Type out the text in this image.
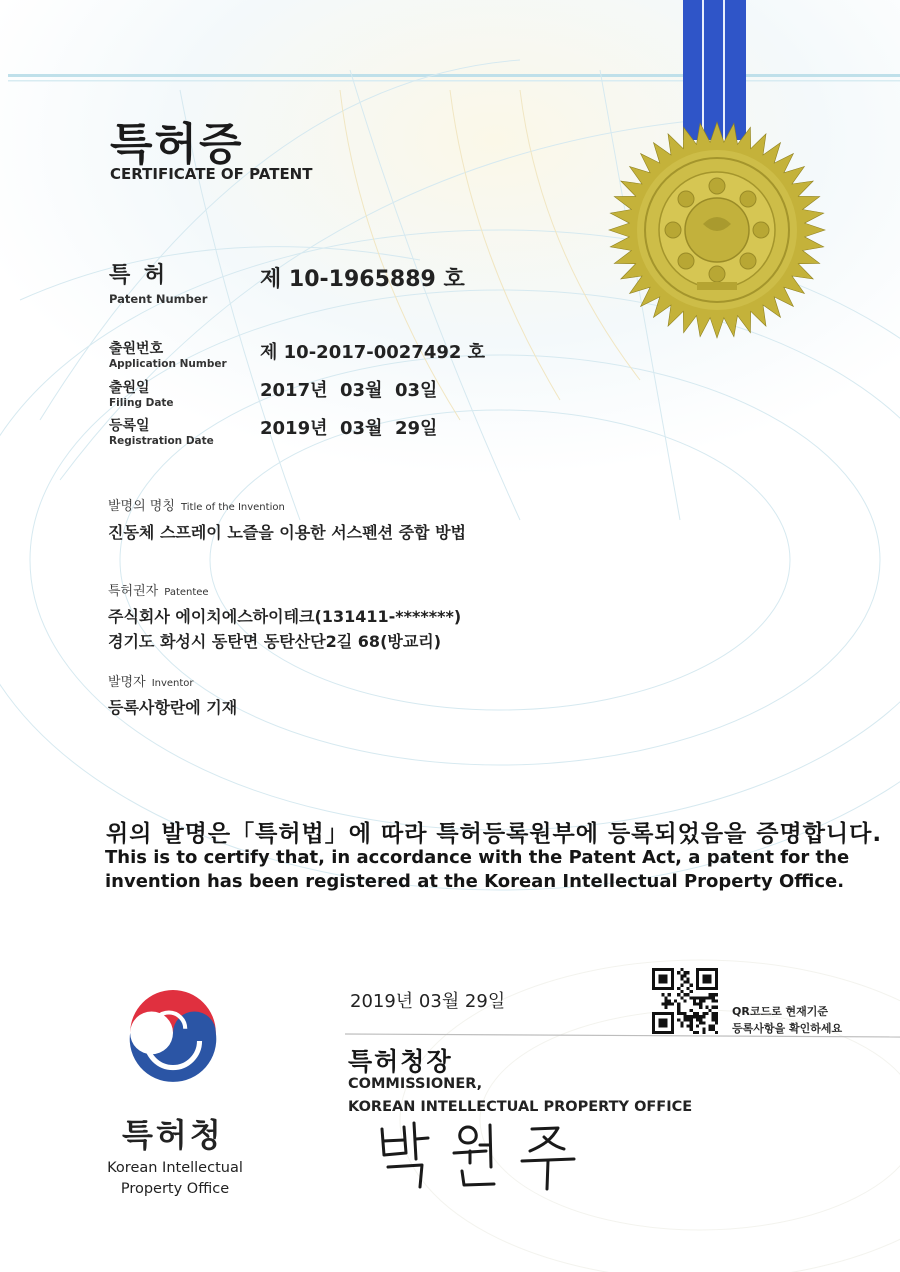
특허증
CERTIFICATE OF PATENT
특 허
Patent Number
제 10-1965889 호
출원번호
Application Number
제 10-2017-0027492 호
출원일
Filing Date
2017년  03월  03일
등록일
Registration Date
2019년  03월  29일
발명의 명칭 Title of the Invention
진동체 스프레이 노즐을 이용한 서스펜션 중합 방법
특허권자 Patentee
주식회사 에이치에스하이테크(131411-*******)
경기도 화성시 동탄면 동탄산단2길 68(방교리)
발명자 Inventor
등록사항란에 기재
위의 발명은「특허법」에 따라 특허등록원부에 등록되었음을 증명합니다.
This is to certify that, in accordance with the Patent Act, a patent for the invention has been registered at the Korean Intellectual Property Office.
2019년 03월 29일	QR코드로 현재기준
등록사항을 확인하세요
특허청장
COMMISSIONER,
KOREAN INTELLECTUAL PROPERTY OFFICE
특허청
Korean Intellectual
Property Office
